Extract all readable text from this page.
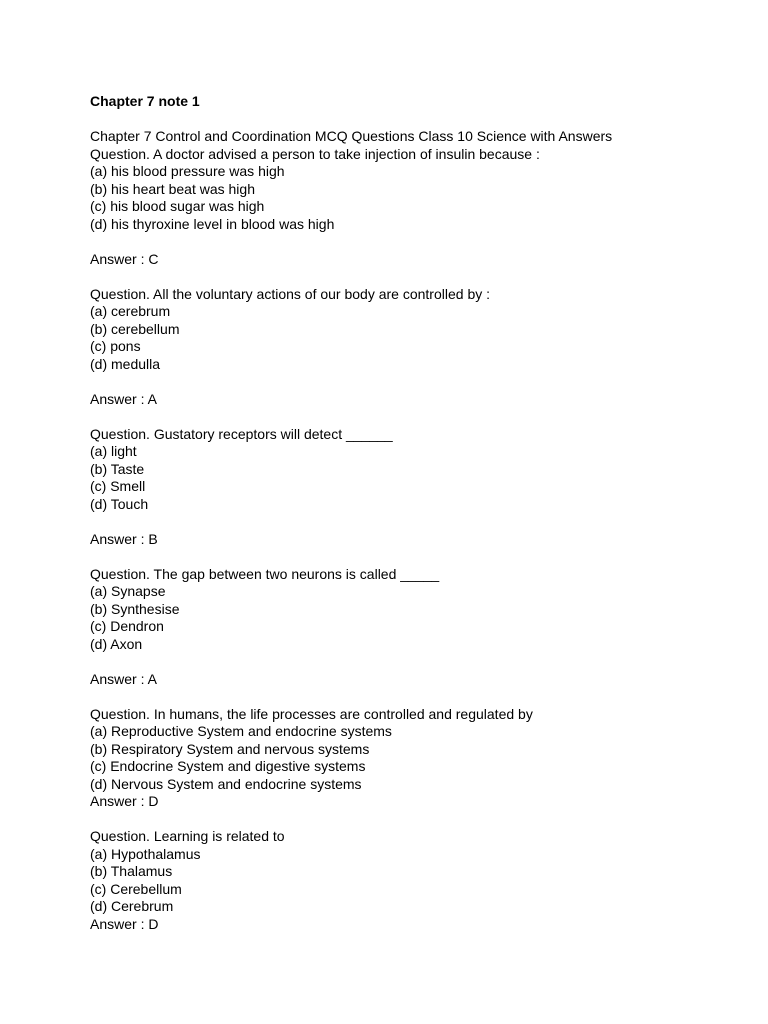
Chapter 7 note 1
Chapter 7 Control and Coordination MCQ Questions Class 10 Science with Answers
Question. A doctor advised a person to take injection of insulin because :
(a) his blood pressure was high
(b) his heart beat was high
(c) his blood sugar was high
(d) his thyroxine level in blood was high
Answer : C
Question. All the voluntary actions of our body are controlled by :
(a) cerebrum
(b) cerebellum
(c) pons
(d) medulla
Answer : A
Question. Gustatory receptors will detect ______
(a) light
(b) Taste
(c) Smell
(d) Touch
Answer : B
Question. The gap between two neurons is called _____
(a) Synapse
(b) Synthesise
(c) Dendron
(d) Axon
Answer : A
Question. In humans, the life processes are controlled and regulated by
(a) Reproductive System and endocrine systems
(b) Respiratory System and nervous systems
(c) Endocrine System and digestive systems
(d) Nervous System and endocrine systems
Answer : D
Question. Learning is related to
(a) Hypothalamus
(b) Thalamus
(c) Cerebellum
(d) Cerebrum
Answer : D
